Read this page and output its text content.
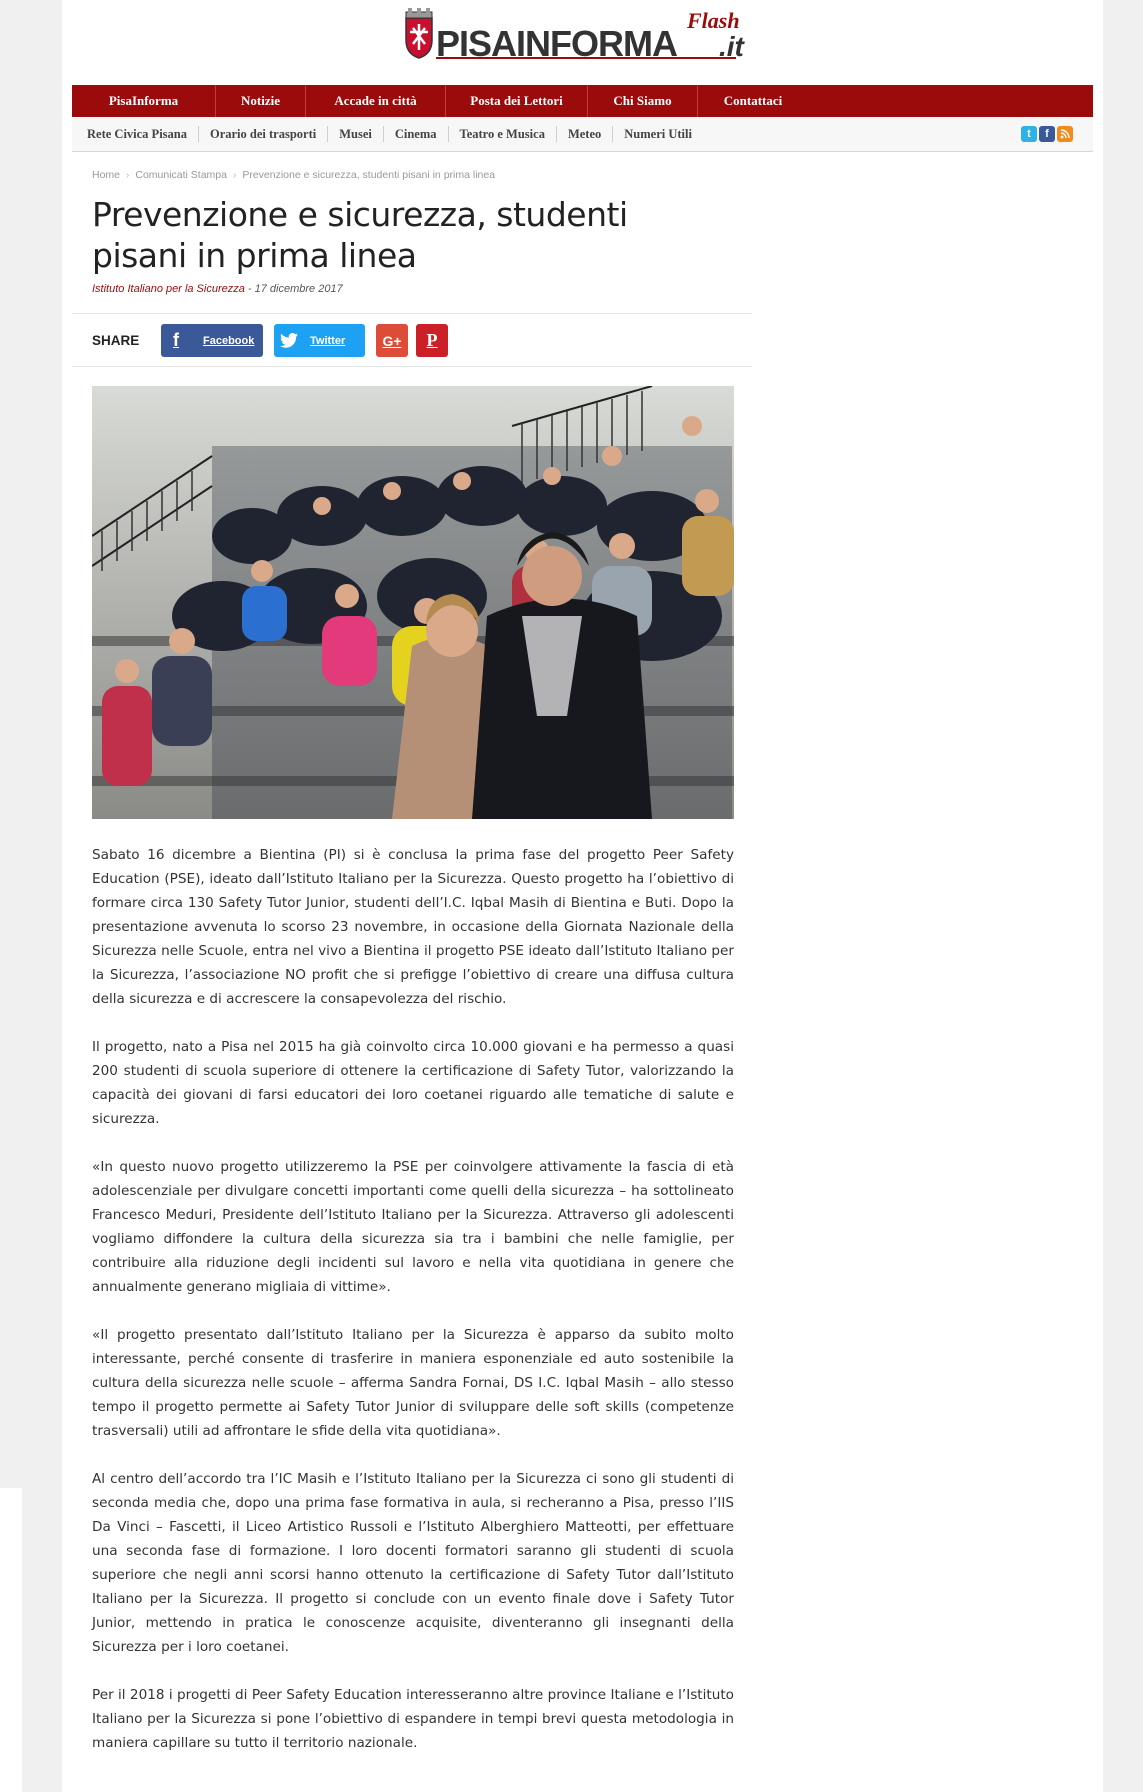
PISAINFORMA .it
Flash
PisaInforma	Notizie	Accade in città	Posta dei Lettori	Chi Siamo	Contattaci
Rete Civica Pisana	Orario dei trasporti	Musei	Cinema	Teatro e Musica	Meteo	Numeri Utili	t	f
Home › Comunicati Stampa › Prevenzione e sicurezza, studenti pisani in prima linea
Prevenzione e sicurezza, studenti pisani in prima linea
Istituto Italiano per la Sicurezza - 17 dicembre 2017
SHARE	f	Facebook	Twitter	G+ P

Sabato 16 dicembre a Bientina (PI) si è conclusa la prima fase del progetto Peer Safety Education (PSE), ideato dall’Istituto Italiano per la Sicurezza. Questo progetto ha l’obiettivo di formare circa 130 Safety Tutor Junior, studenti dell’I.C. Iqbal Masih di Bientina e Buti. Dopo la presentazione avvenuta lo scorso 23 novembre, in occasione della Giornata Nazionale della Sicurezza nelle Scuole, entra nel vivo a Bientina il progetto PSE ideato dall’Istituto Italiano per la Sicurezza, l’associazione NO profit che si prefigge l’obiettivo di creare una diffusa cultura della sicurezza e di accrescere la consapevolezza del rischio.

Il progetto, nato a Pisa nel 2015 ha già coinvolto circa 10.000 giovani e ha permesso a quasi 200 studenti di scuola superiore di ottenere la certificazione di Safety Tutor, valorizzando la capacità dei giovani di farsi educatori dei loro coetanei riguardo alle tematiche di salute e sicurezza.

«In questo nuovo progetto utilizzeremo la PSE per coinvolgere attivamente la fascia di età adolescenziale per divulgare concetti importanti come quelli della sicurezza – ha sottolineato Francesco Meduri, Presidente dell’Istituto Italiano per la Sicurezza. Attraverso gli adolescenti vogliamo diffondere la cultura della sicurezza sia tra i bambini che nelle famiglie, per contribuire alla riduzione degli incidenti sul lavoro e nella vita quotidiana in genere che annualmente generano migliaia di vittime».

«Il progetto presentato dall’Istituto Italiano per la Sicurezza è apparso da subito molto interessante, perché consente di trasferire in maniera esponenziale ed auto sostenibile la cultura della sicurezza nelle scuole – afferma Sandra Fornai, DS I.C. Iqbal Masih – allo stesso tempo il progetto permette ai Safety Tutor Junior di sviluppare delle soft skills (competenze trasversali) utili ad affrontare le sfide della vita quotidiana».

Al centro dell’accordo tra l’IC Masih e l’Istituto Italiano per la Sicurezza ci sono gli studenti di seconda media che, dopo una prima fase formativa in aula, si recheranno a Pisa, presso l’IIS Da Vinci – Fascetti, il Liceo Artistico Russoli e l’Istituto Alberghiero Matteotti, per effettuare una seconda fase di formazione. I loro docenti formatori saranno gli studenti di scuola superiore che negli anni scorsi hanno ottenuto la certificazione di Safety Tutor dall’Istituto Italiano per la Sicurezza. Il progetto si conclude con un evento finale dove i Safety Tutor Junior, mettendo in pratica le conoscenze acquisite, diventeranno gli insegnanti della Sicurezza per i loro coetanei.

Per il 2018 i progetti di Peer Safety Education interesseranno altre province Italiane e l’Istituto Italiano per la Sicurezza si pone l’obiettivo di espandere in tempi brevi questa metodologia in maniera capillare su tutto il territorio nazionale.
